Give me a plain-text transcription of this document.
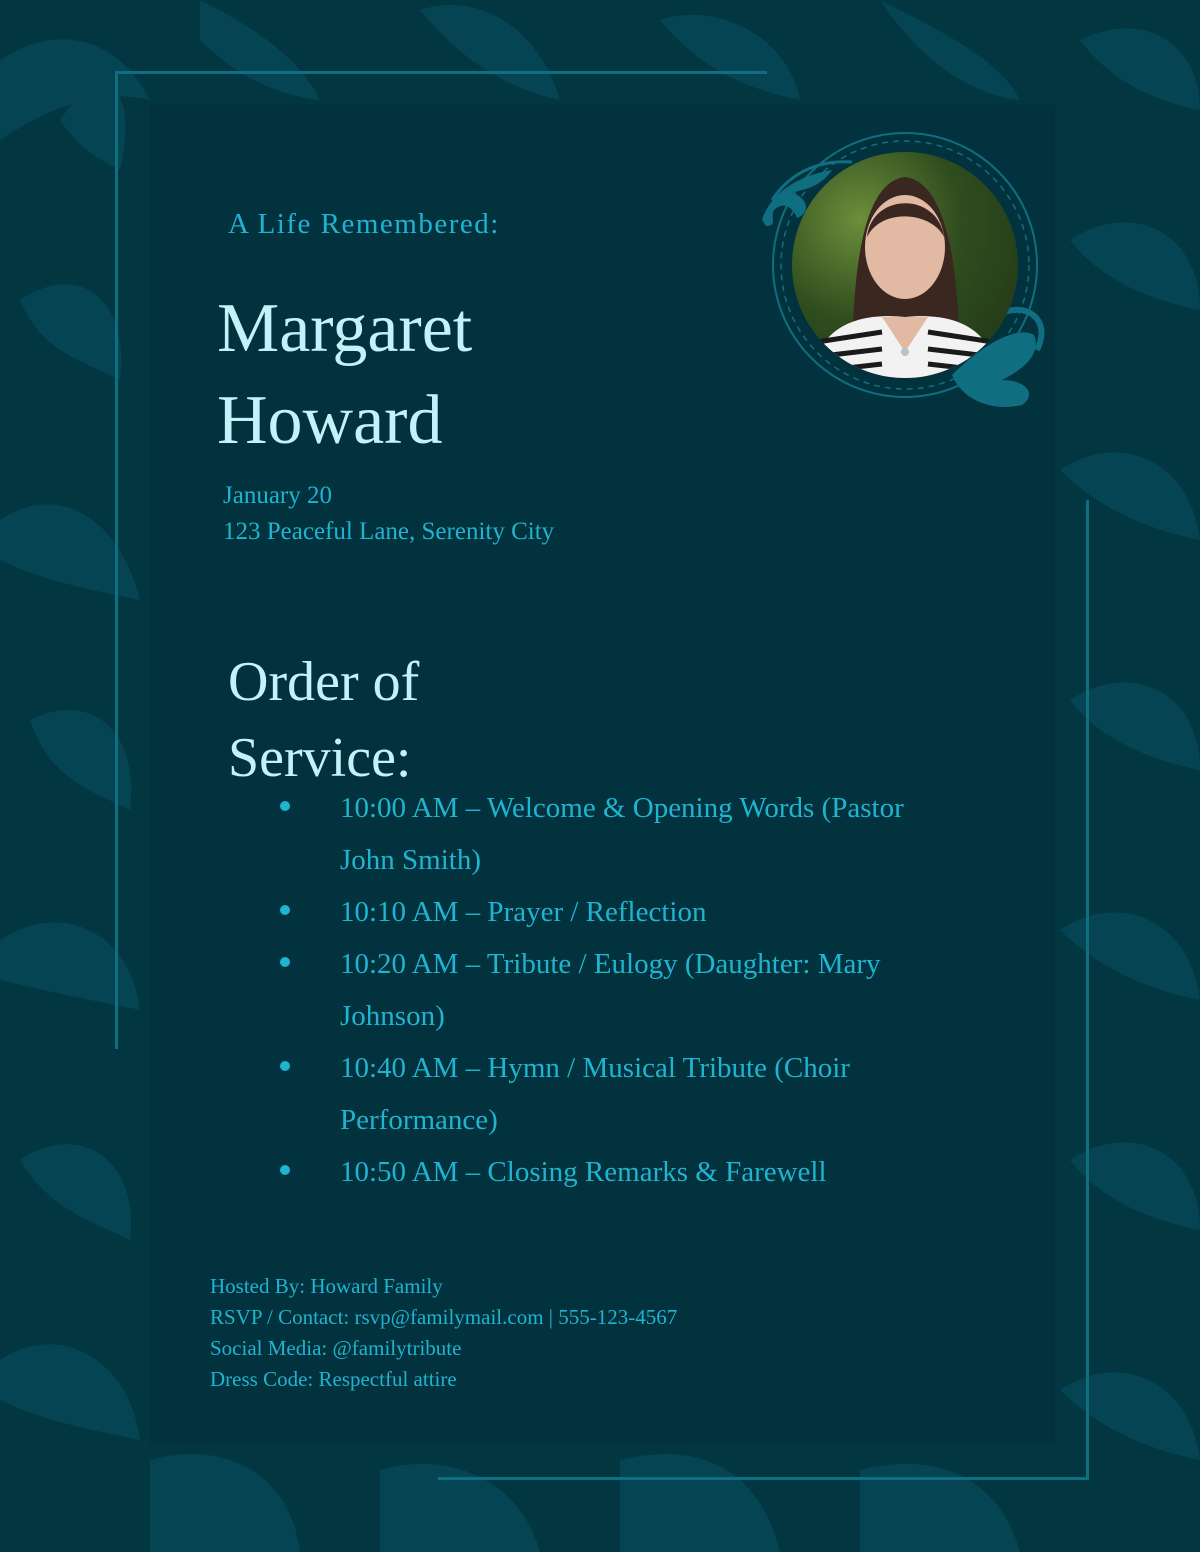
A Life Remembered:
Margaret
Howard
January 20
123 Peaceful Lane, Serenity City
Order of
Service:
10:00 AM – Welcome & Opening Words (Pastor
John Smith)
10:10 AM – Prayer / Reflection
10:20 AM – Tribute / Eulogy (Daughter: Mary
Johnson)
10:40 AM – Hymn / Musical Tribute (Choir
Performance)
10:50 AM – Closing Remarks & Farewell
Hosted By: Howard Family
RSVP / Contact: rsvp@familymail.com | 555-123-4567
Social Media: @familytribute
Dress Code: Respectful attire
